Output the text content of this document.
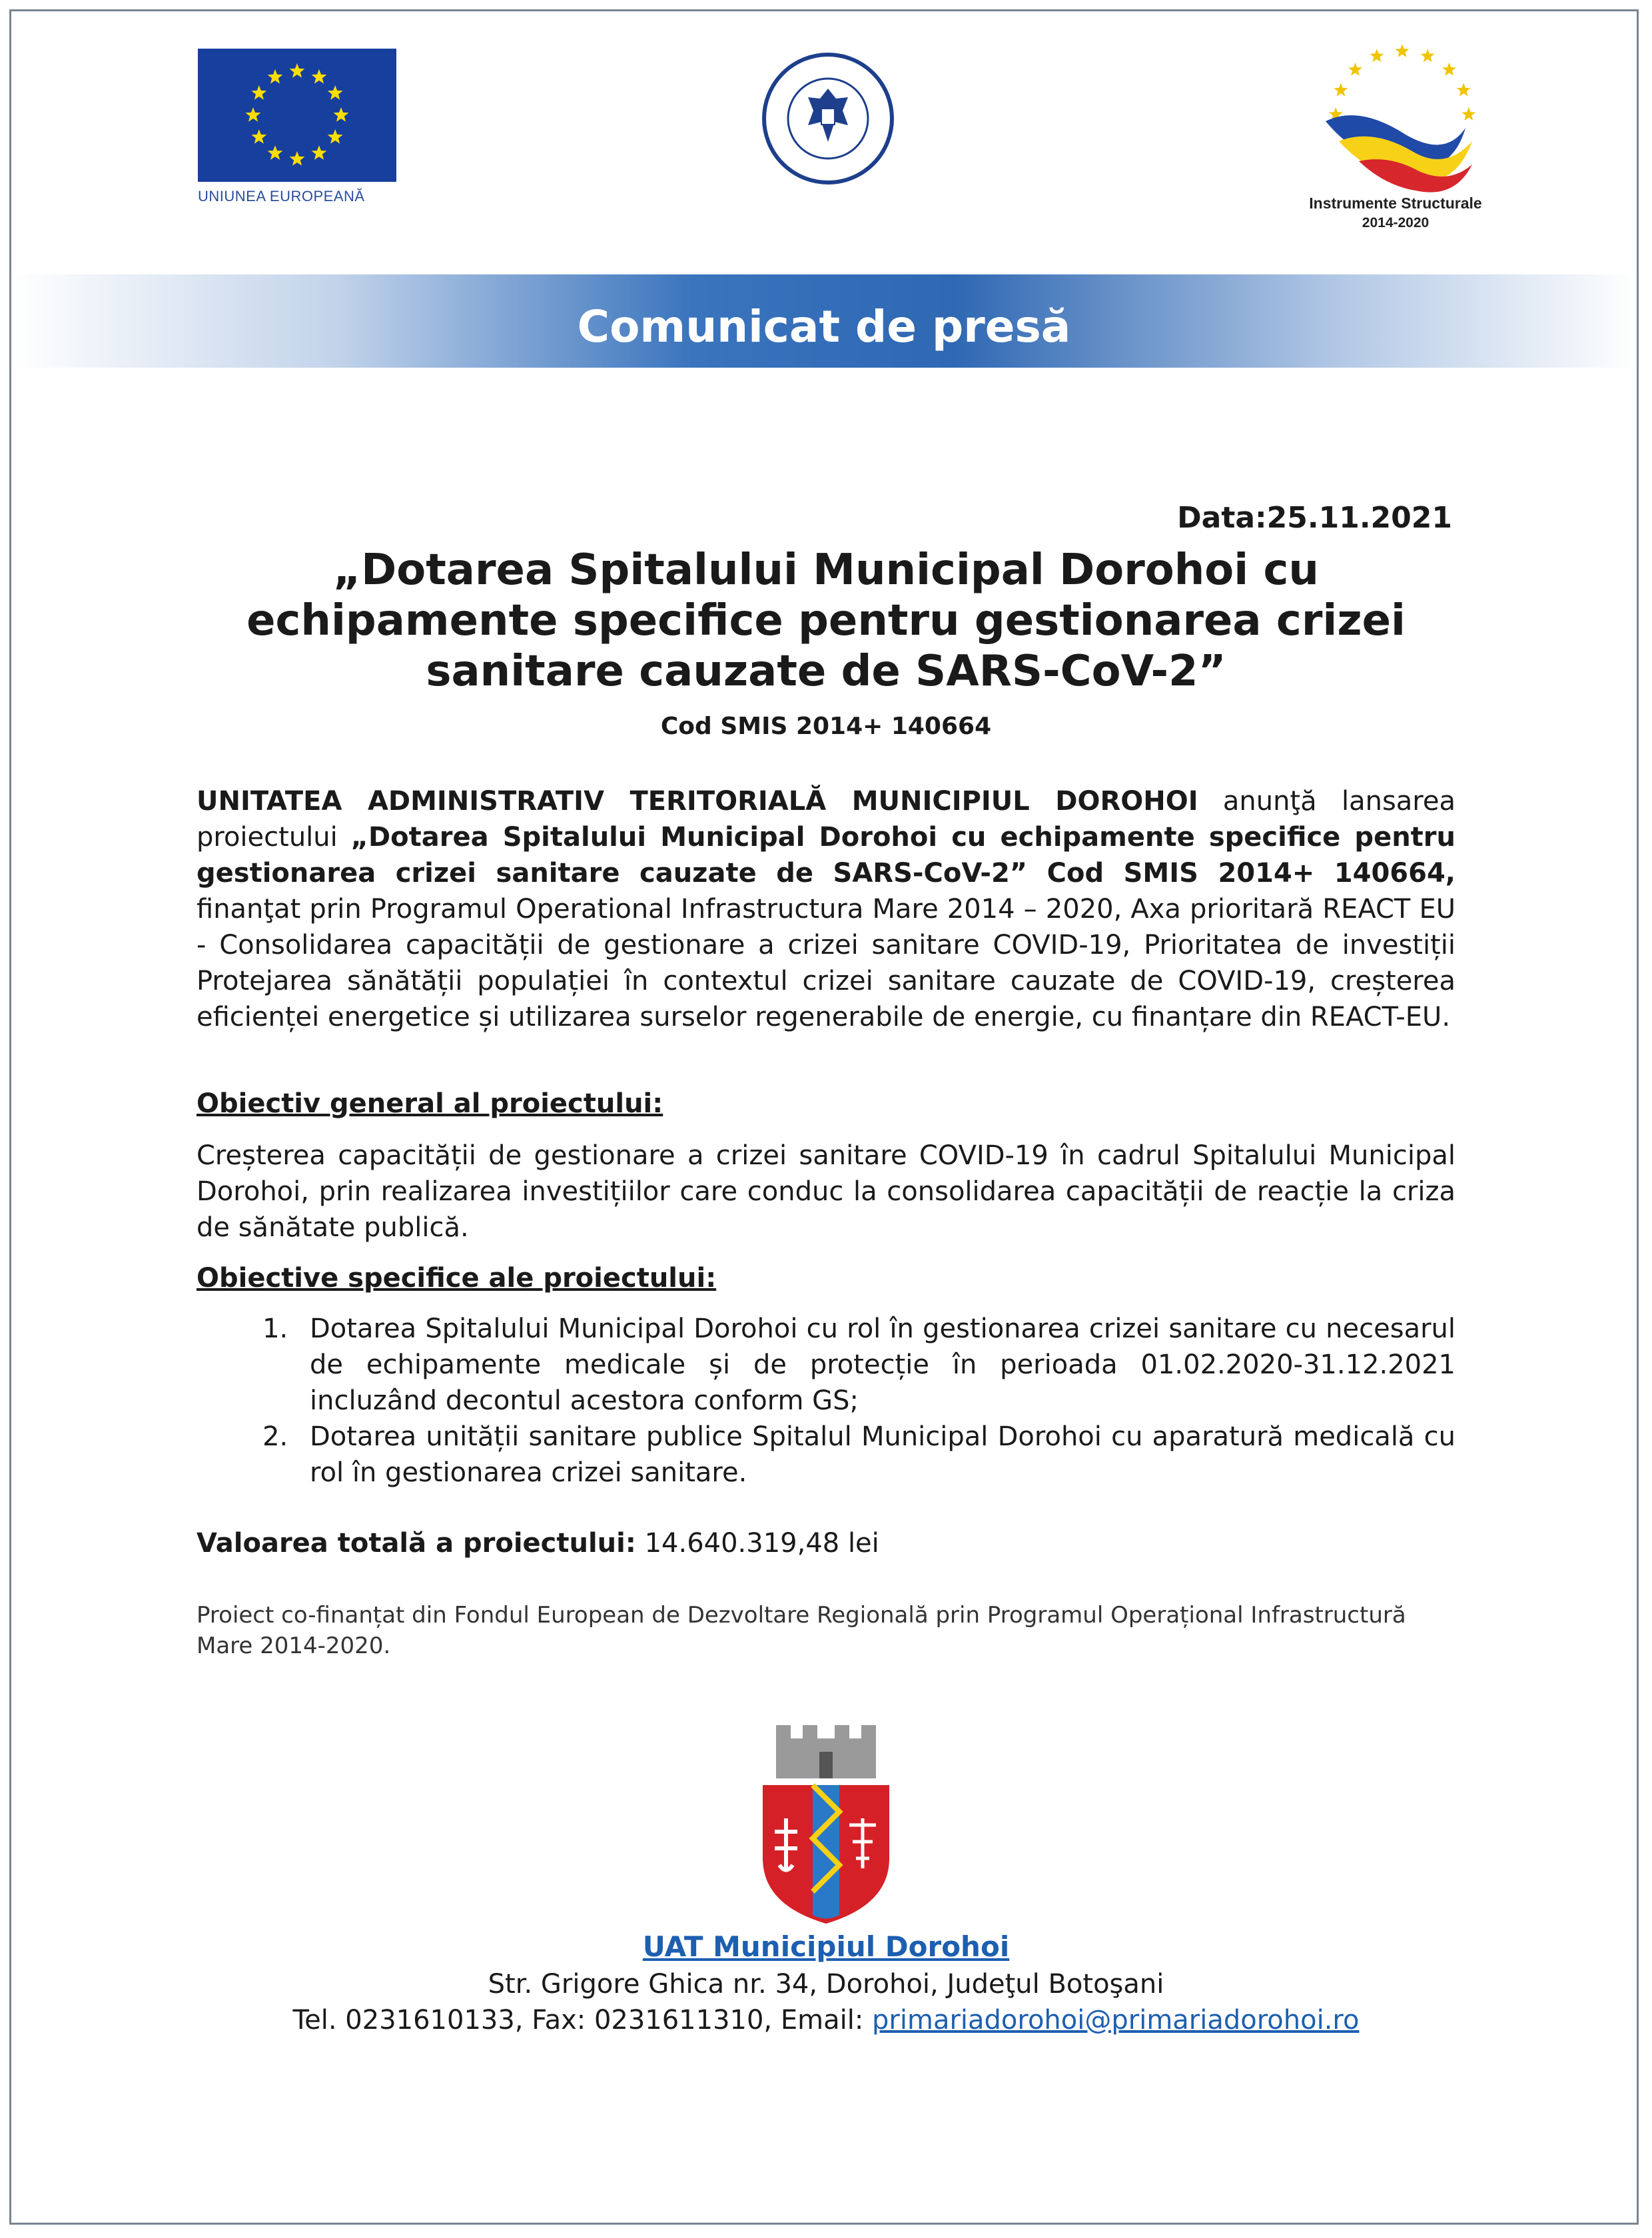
UNIUNEA EUROPEANĂ	Instrumente Structurale
2014-2020
Comunicat de presă
Data:25.11.2021
„Dotarea Spitalului Municipal Dorohoi cu echipamente specifice pentru gestionarea crizei sanitare cauzate de SARS-CoV-2”
Cod SMIS 2014+ 140664

UNITATEA ADMINISTRATIV TERITORIALĂ MUNICIPIUL DOROHOI anunţă lansarea proiectului „Dotarea Spitalului Municipal Dorohoi cu echipamente specifice pentru gestionarea crizei sanitare cauzate de SARS-CoV-2” Cod SMIS 2014+ 140664, finanţat prin Programul Operational Infrastructura Mare 2014 – 2020, Axa prioritară REACT EU - Consolidarea capacității de gestionare a crizei sanitare COVID-19, Prioritatea de investiții Protejarea sănătății populației în contextul crizei sanitare cauzate de COVID-19, creșterea eficienței energetice și utilizarea surselor regenerabile de energie, cu finanțare din REACT-EU.

Obiectiv general al proiectului:

Creșterea capacității de gestionare a crizei sanitare COVID-19 în cadrul Spitalului Municipal Dorohoi, prin realizarea investițiilor care conduc la consolidarea capacității de reacție la criza de sănătate publică.

Obiective specifice ale proiectului:

1. Dotarea Spitalului Municipal Dorohoi cu rol în gestionarea crizei sanitare cu necesarul de echipamente medicale și de protecție în perioada 01.02.2020-31.12.2021 incluzând decontul acestora conform GS;
2. Dotarea unității sanitare publice Spitalul Municipal Dorohoi cu aparatură medicală cu rol în gestionarea crizei sanitare.

Valoarea totală a proiectului: 14.640.319,48 lei

Proiect co-finanțat din Fondul European de Dezvoltare Regională prin Programul Operațional Infrastructură Mare 2014-2020.

UAT Municipiul Dorohoi
Str. Grigore Ghica nr. 34, Dorohoi, Judeţul Botoşani
Tel. 0231610133, Fax: 0231611310, Email: primariadorohoi@primariadorohoi.ro
